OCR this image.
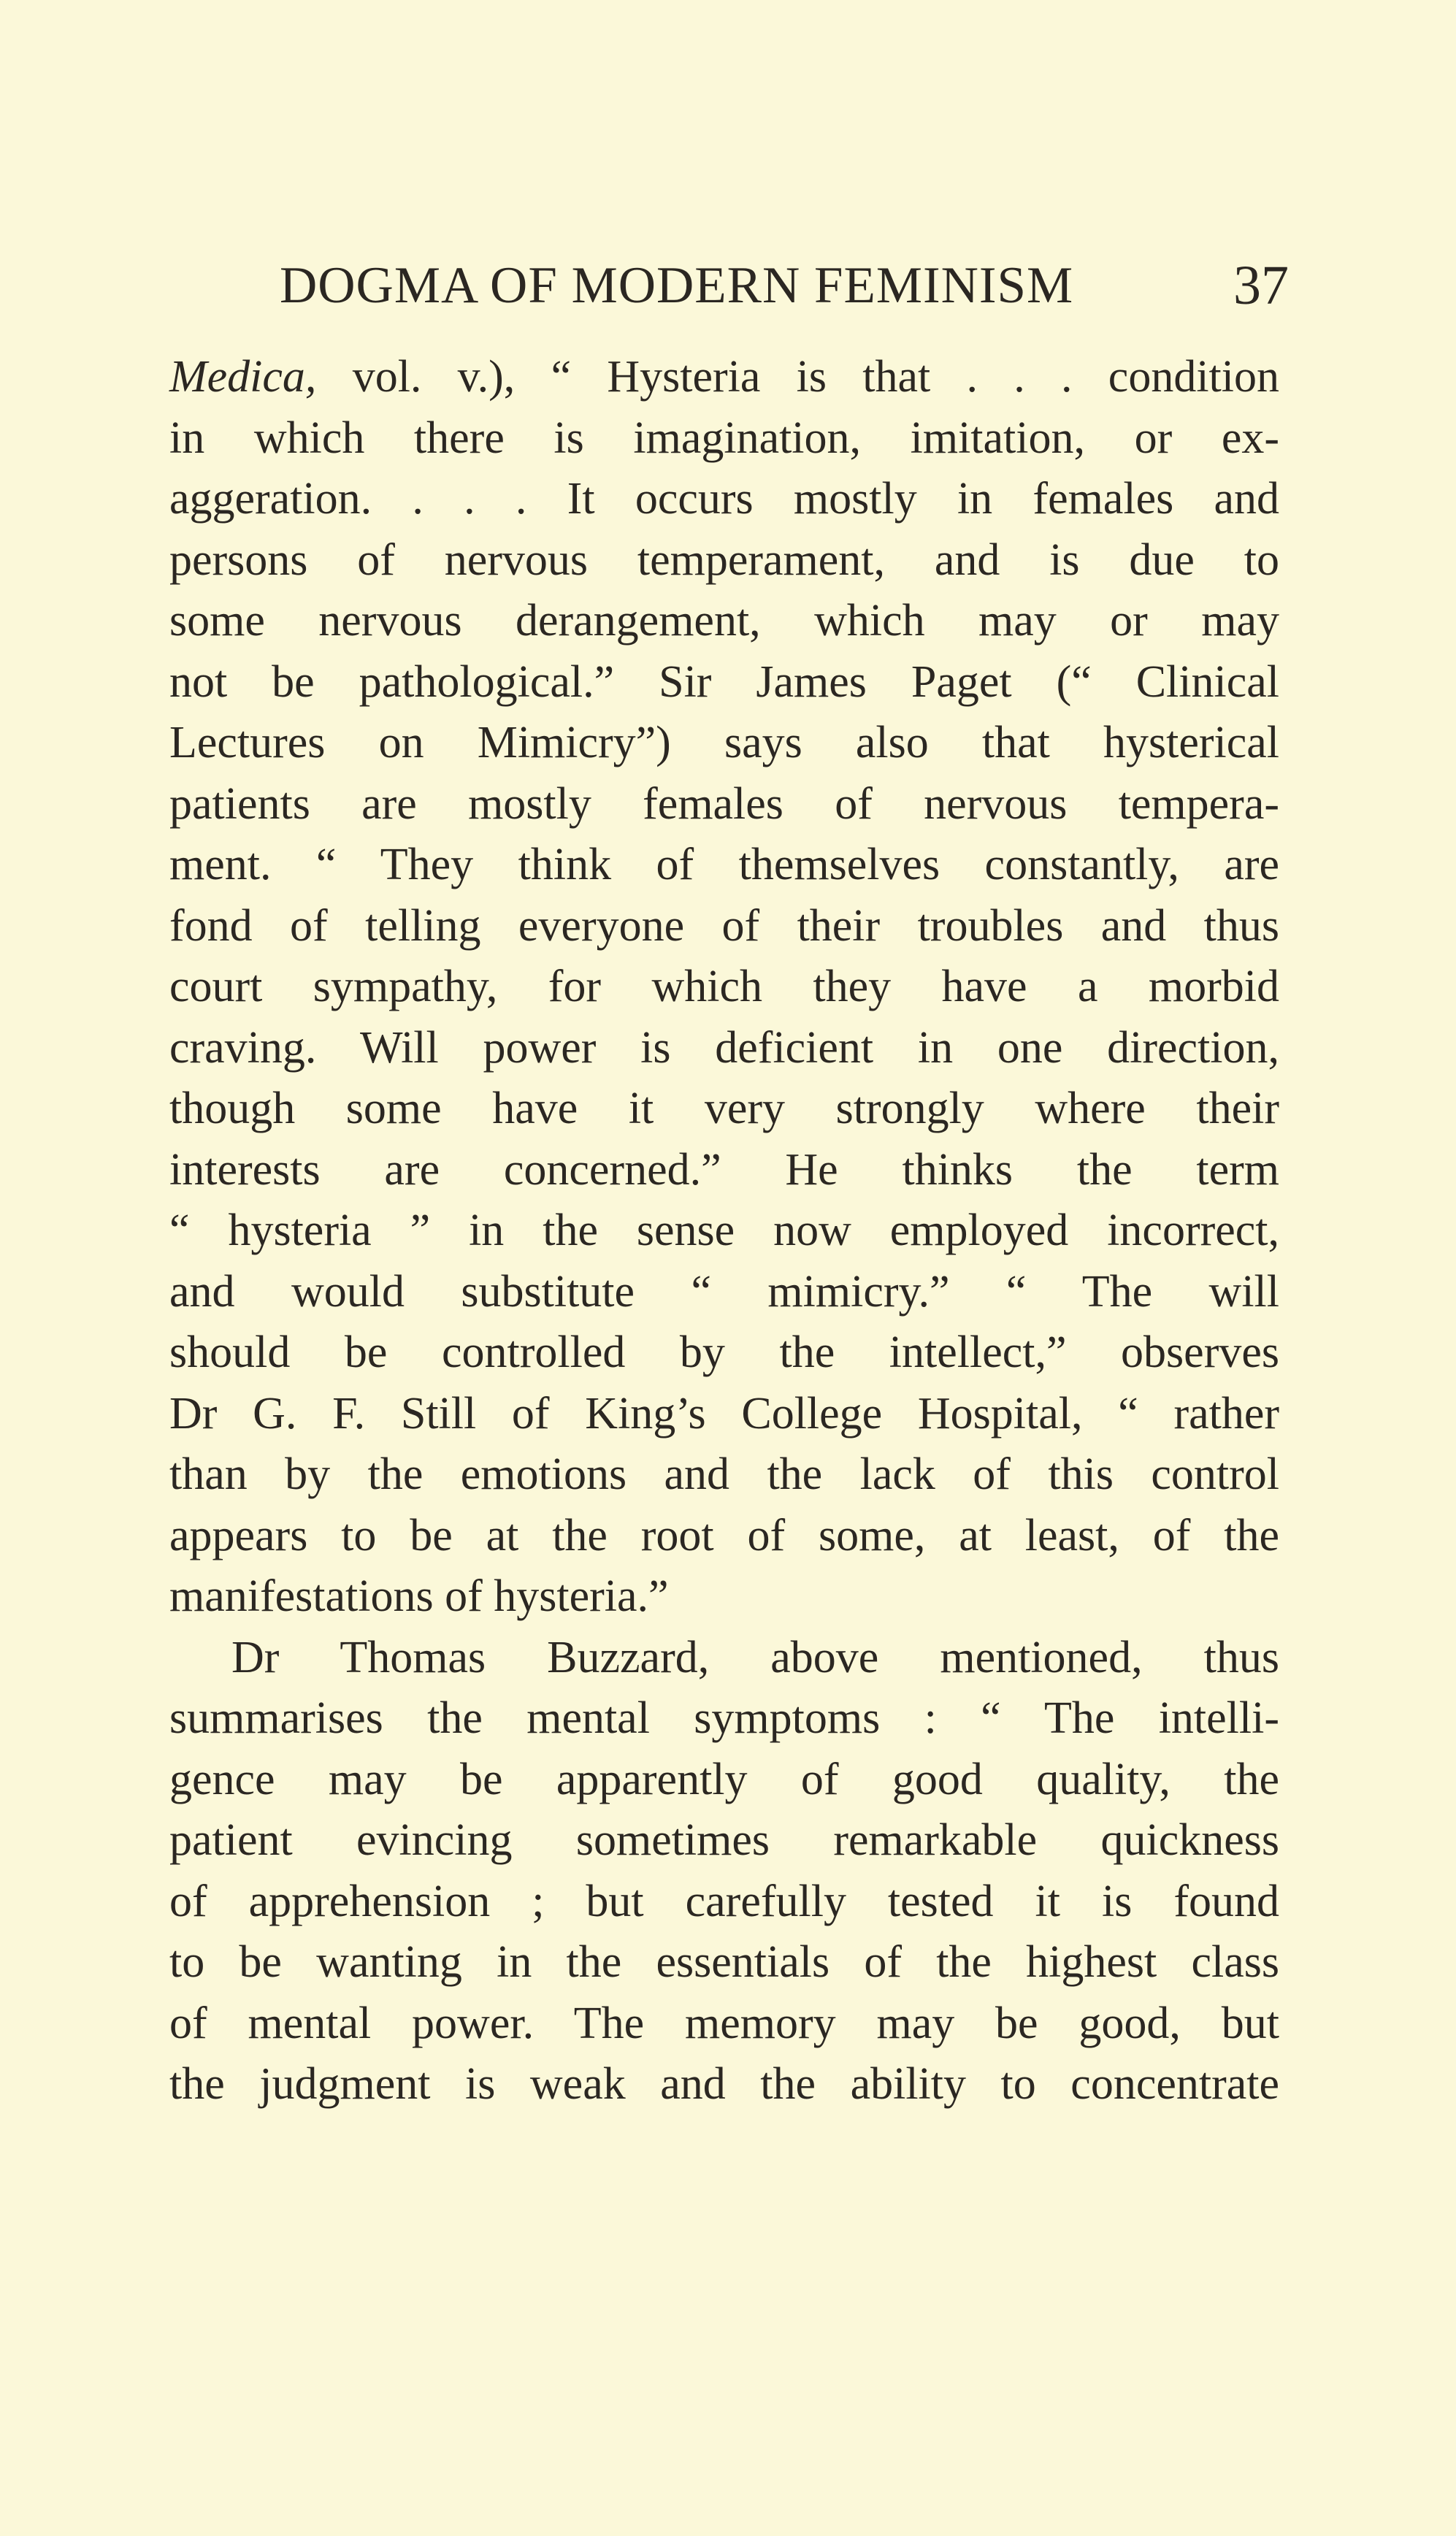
DOGMA OF MODERN FEMINISM	37
Medica, vol. v.), “ Hysteria is that . . . condition
in which there is imagination, imitation, or ex-
aggeration. . . . It occurs mostly in females and
persons of nervous temperament, and is due to
some nervous derangement, which may or may
not be pathological.” Sir James Paget (“ Clinical
Lectures on Mimicry”) says also that hysterical
patients are mostly females of nervous tempera-
ment. “ They think of themselves constantly, are
fond of telling everyone of their troubles and thus
court sympathy, for which they have a morbid
craving. Will power is deficient in one direction,
though some have it very strongly where their
interests are concerned.” He thinks the term
“ hysteria ” in the sense now employed incorrect,
and would substitute “ mimicry.” “ The will
should be controlled by the intellect,” observes
Dr G. F. Still of King’s College Hospital, “ rather
than by the emotions and the lack of this control
appears to be at the root of some, at least, of the
manifestations of hysteria.”
Dr Thomas Buzzard, above mentioned, thus
summarises the mental symptoms : “ The intelli-
gence may be apparently of good quality, the
patient evincing sometimes remarkable quickness
of apprehension ; but carefully tested it is found
to be wanting in the essentials of the highest class
of mental power. The memory may be good, but
the judgment is weak and the ability to concentrate
